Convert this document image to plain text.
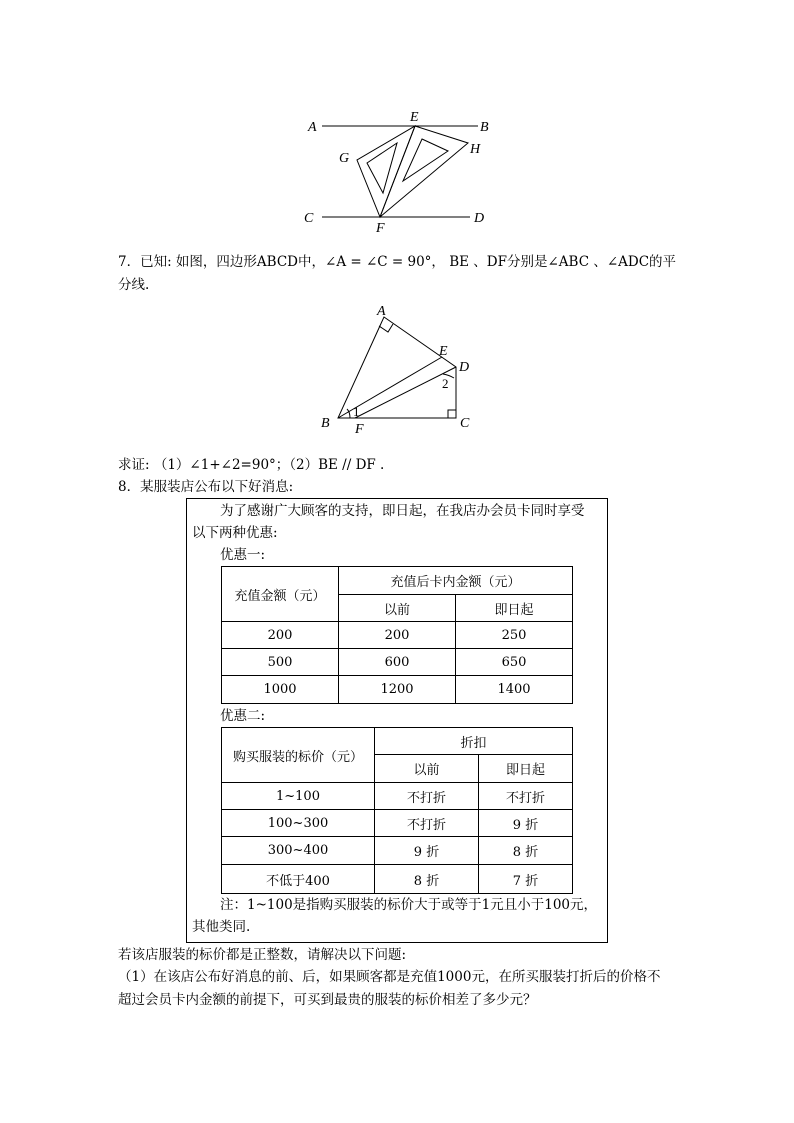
A	B
E
G
H
C	D
F
7．已知: 如图，四边形ABCD中，∠A = ∠C = 90°， BE 、DF分别是∠ABC 、∠ADC的平
分线.
A
E
D
B F	C
1
2
求证: （1）∠1+∠2=90°；（2）BE // DF .
8．某服装店公布以下好消息:
为了感谢广大顾客的支持，即日起，在我店办会员卡同时享受
以下两种优惠:
优惠一:
充值金额（元）	充值后卡内金额（元）	
	以前	即日起
200	200	250
500	600	650
1000	1200	1400
优惠二:
购买服装的标价（元）	折扣	
	以前	即日起
1~100	不打折	不打折
100~300	不打折	9 折
300~400	9 折	8 折
不低于400	8 折	7 折
注：1~100是指购买服装的标价大于或等于1元且小于100元，
其他类同.
若该店服装的标价都是正整数，请解决以下问题:
（1）在该店公布好消息的前、后，如果顾客都是充值1000元，在所买服装打折后的价格不
超过会员卡内金额的前提下，可买到最贵的服装的标价相差了多少元？
